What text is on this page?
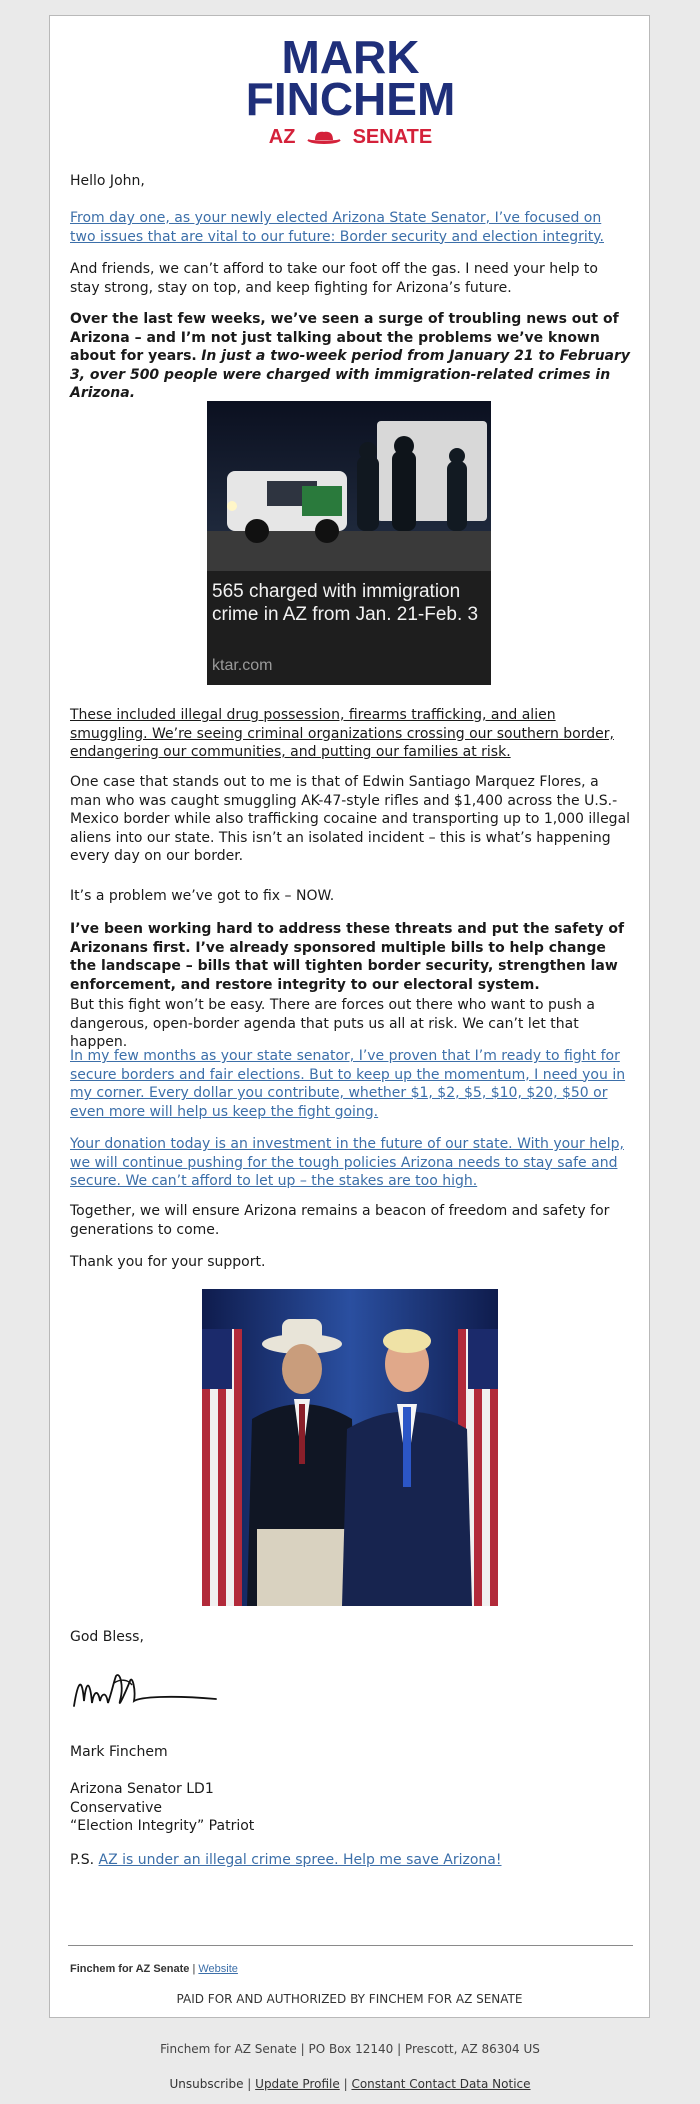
MARK
FINCHEM
AZ	SENATE

Hello John,

From day one, as your newly elected Arizona State Senator, I’ve focused on two issues that are vital to our future: Border security and election integrity.

And friends, we can’t afford to take our foot off the gas. I need your help to stay strong, stay on top, and keep fighting for Arizona’s future.

Over the last few weeks, we’ve seen a surge of troubling news out of Arizona – and I’m not just talking about the problems we’ve known about for years. In just a two-week period from January 21 to February 3, over 500 people were charged with immigration-related crimes in Arizona.

565 charged with immigration crime in AZ from Jan. 21-Feb. 3
ktar.com

These included illegal drug possession, firearms trafficking, and alien smuggling. We’re seeing criminal organizations crossing our southern border, endangering our communities, and putting our families at risk.

One case that stands out to me is that of Edwin Santiago Marquez Flores, a man who was caught smuggling AK-47-style rifles and $1,400 across the U.S.-Mexico border while also trafficking cocaine and transporting up to 1,000 illegal aliens into our state. This isn’t an isolated incident – this is what’s happening every day on our border.

It’s a problem we’ve got to fix – NOW.

I’ve been working hard to address these threats and put the safety of Arizonans first. I’ve already sponsored multiple bills to help change the landscape – bills that will tighten border security, strengthen law enforcement, and restore integrity to our electoral system.

But this fight won’t be easy. There are forces out there who want to push a dangerous, open-border agenda that puts us all at risk. We can’t let that happen.

In my few months as your state senator, I’ve proven that I’m ready to fight for secure borders and fair elections. But to keep up the momentum, I need you in my corner. Every dollar you contribute, whether $1, $2, $5, $10, $20, $50 or even more will help us keep the fight going.

Your donation today is an investment in the future of our state. With your help, we will continue pushing for the tough policies Arizona needs to stay safe and secure. We can’t afford to let up – the stakes are too high.

Together, we will ensure Arizona remains a beacon of freedom and safety for generations to come.

Thank you for your support.

God Bless,

Mark Finchem

Arizona Senator LD1

Conservative

“Election Integrity” Patriot

P.S. AZ is under an illegal crime spree. Help me save Arizona!

Finchem for AZ Senate | Website
PAID FOR AND AUTHORIZED BY FINCHEM FOR AZ SENATE
Finchem for AZ Senate | PO Box 12140 | Prescott, AZ 86304 US
Unsubscribe | Update Profile | Constant Contact Data Notice
